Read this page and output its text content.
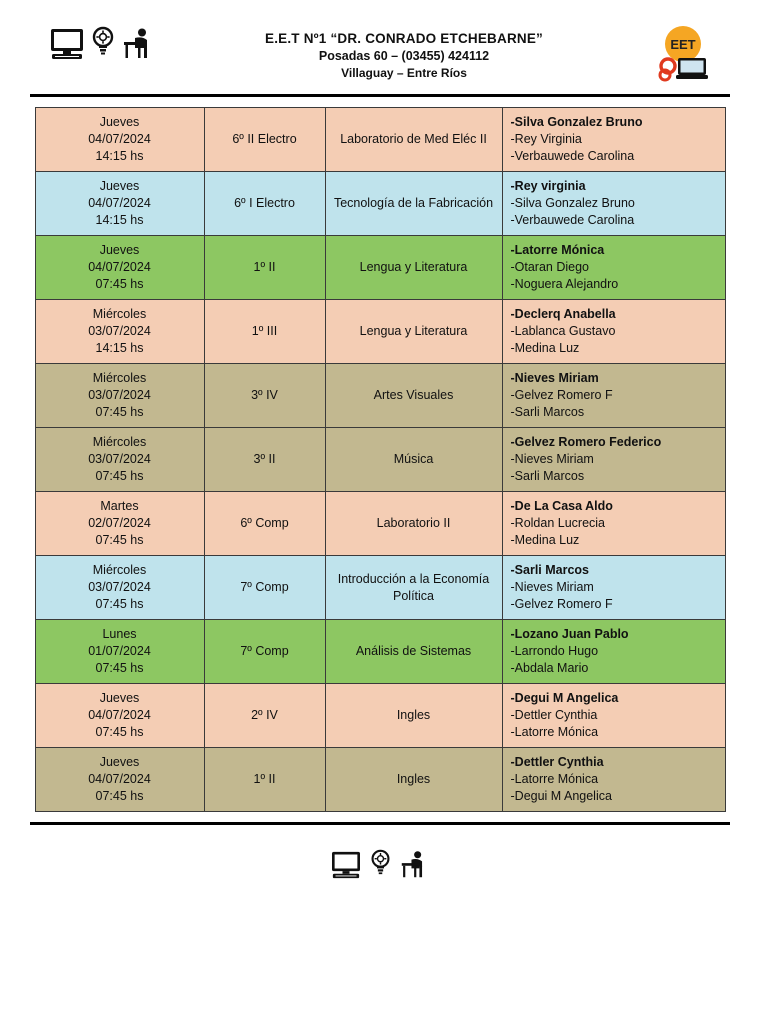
E.E.T Nº1 “DR. CONRADO ETCHEBARNE”
Posadas 60 – (03455) 424112
Villaguay – Entre Ríos
EET
Jueves
04/07/2024
14:15 hs
	6º II Electro	Laboratorio de Med Eléc II	
-Silva Gonzalez Bruno
-Rey Virginia
-Verbauwede Carolina

Jueves
04/07/2024
14:15 hs
	6º I Electro	Tecnología de la Fabricación	
-Rey virginia
-Silva Gonzalez Bruno
-Verbauwede Carolina

Jueves
04/07/2024
07:45 hs
	1º II	Lengua y Literatura	
-Latorre Mónica
-Otaran Diego
-Noguera Alejandro

Miércoles
03/07/2024
14:15 hs
	1º III	Lengua y Literatura	
-Declerq Anabella
-Lablanca Gustavo
-Medina Luz

Miércoles
03/07/2024
07:45 hs
	3º IV	Artes Visuales	
-Nieves Miriam
-Gelvez Romero F
-Sarli Marcos

Miércoles
03/07/2024
07:45 hs
	3º II	Música	
-Gelvez Romero Federico
-Nieves Miriam
-Sarli Marcos

Martes
02/07/2024
07:45 hs
	6º Comp	Laboratorio II	
-De La Casa Aldo
-Roldan Lucrecia
-Medina Luz

Miércoles
03/07/2024
07:45 hs
	7º Comp	Introducción a la Economía Política	
-Sarli Marcos
-Nieves Miriam
-Gelvez Romero F

Lunes
01/07/2024
07:45 hs
	7º Comp	Análisis de Sistemas	
-Lozano Juan Pablo
-Larrondo Hugo
-Abdala Mario

Jueves
04/07/2024
07:45 hs
	2º IV	Ingles	
-Degui M Angelica
-Dettler Cynthia
-Latorre Mónica

Jueves
04/07/2024
07:45 hs
	1º II	Ingles	
-Dettler Cynthia
-Latorre Mónica
-Degui M Angelica
